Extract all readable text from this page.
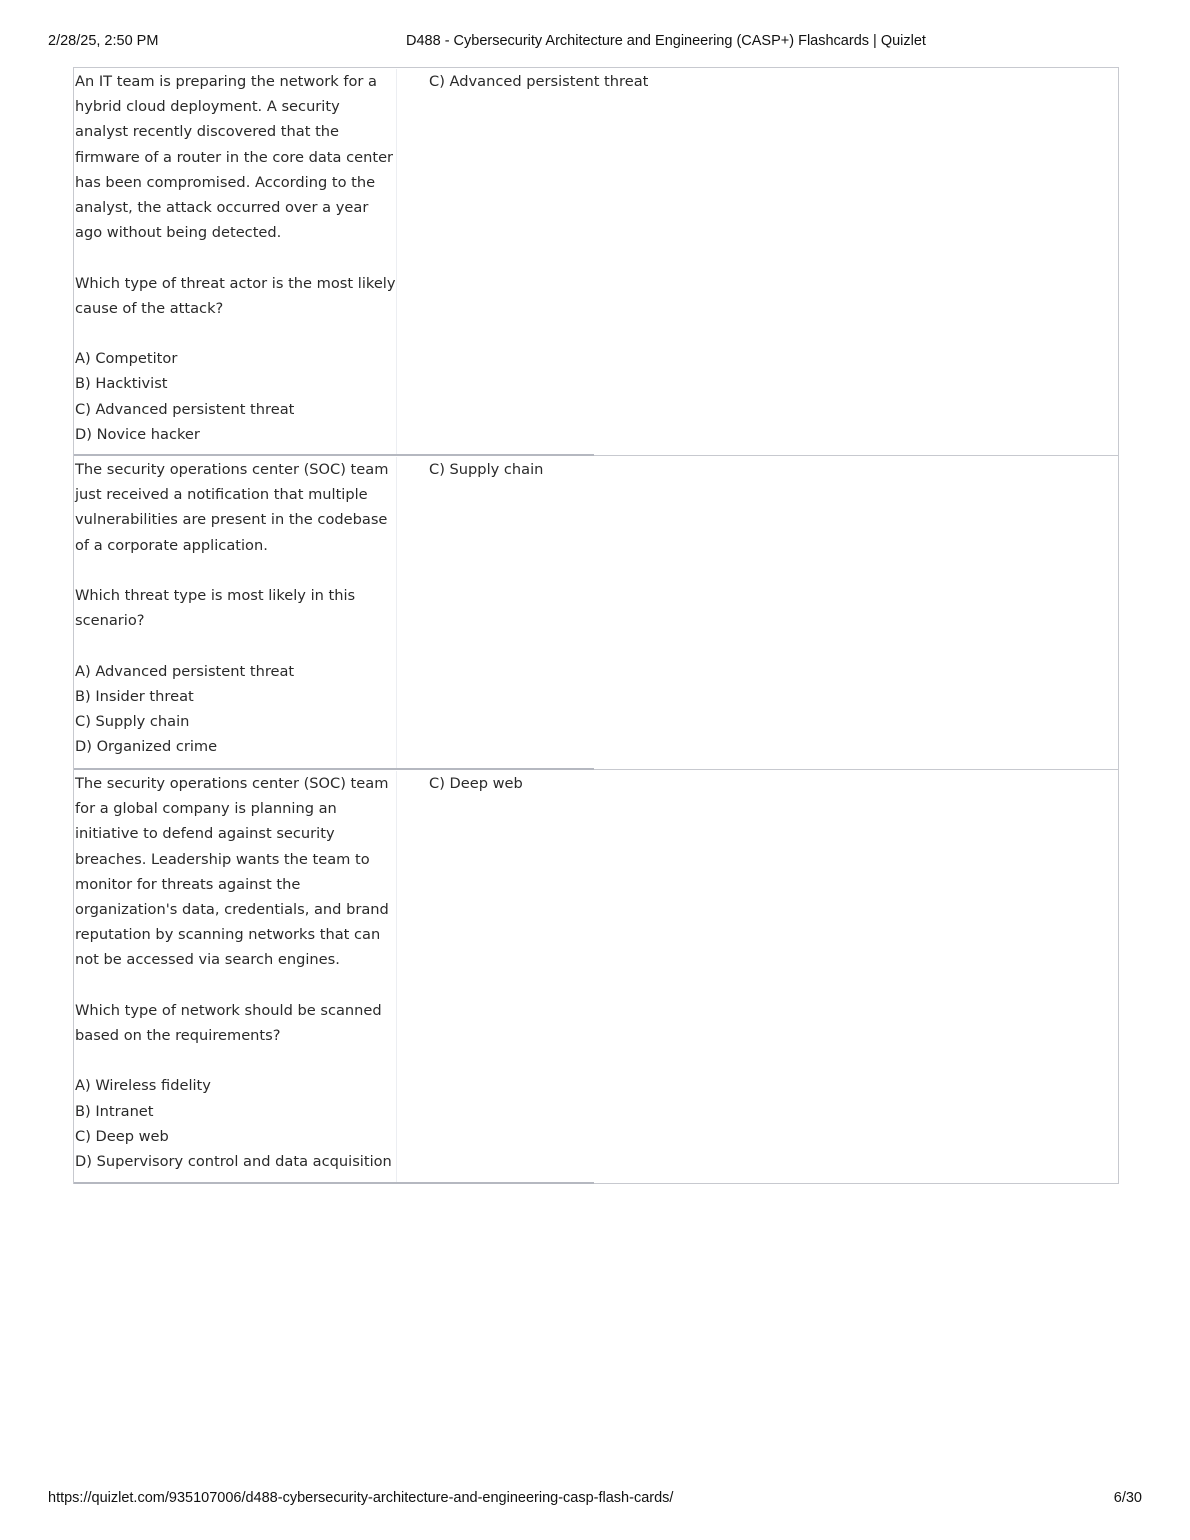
2/28/25, 2:50 PM	D488 - Cybersecurity Architecture and Engineering (CASP+) Flashcards | Quizlet

An IT team is preparing the network for a

hybrid cloud deployment. A security

analyst recently discovered that the

firmware of a router in the core data center

has been compromised. According to the

analyst, the attack occurred over a year

ago without being detected.

Which type of threat actor is the most likely

cause of the attack?

A) Competitor

B) Hacktivist

C) Advanced persistent threat

D) Novice hacker

C) Advanced persistent threat

The security operations center (SOC) team

just received a notification that multiple

vulnerabilities are present in the codebase

of a corporate application.

Which threat type is most likely in this

scenario?

A) Advanced persistent threat

B) Insider threat

C) Supply chain

D) Organized crime

C) Supply chain

The security operations center (SOC) team

for a global company is planning an

initiative to defend against security

breaches. Leadership wants the team to

monitor for threats against the

organization's data, credentials, and brand

reputation by scanning networks that can

not be accessed via search engines.

Which type of network should be scanned

based on the requirements?

A) Wireless fidelity

B) Intranet

C) Deep web

D) Supervisory control and data acquisition

C) Deep web
https://quizlet.com/935107006/d488-cybersecurity-architecture-and-engineering-casp-flash-cards/	6/30
